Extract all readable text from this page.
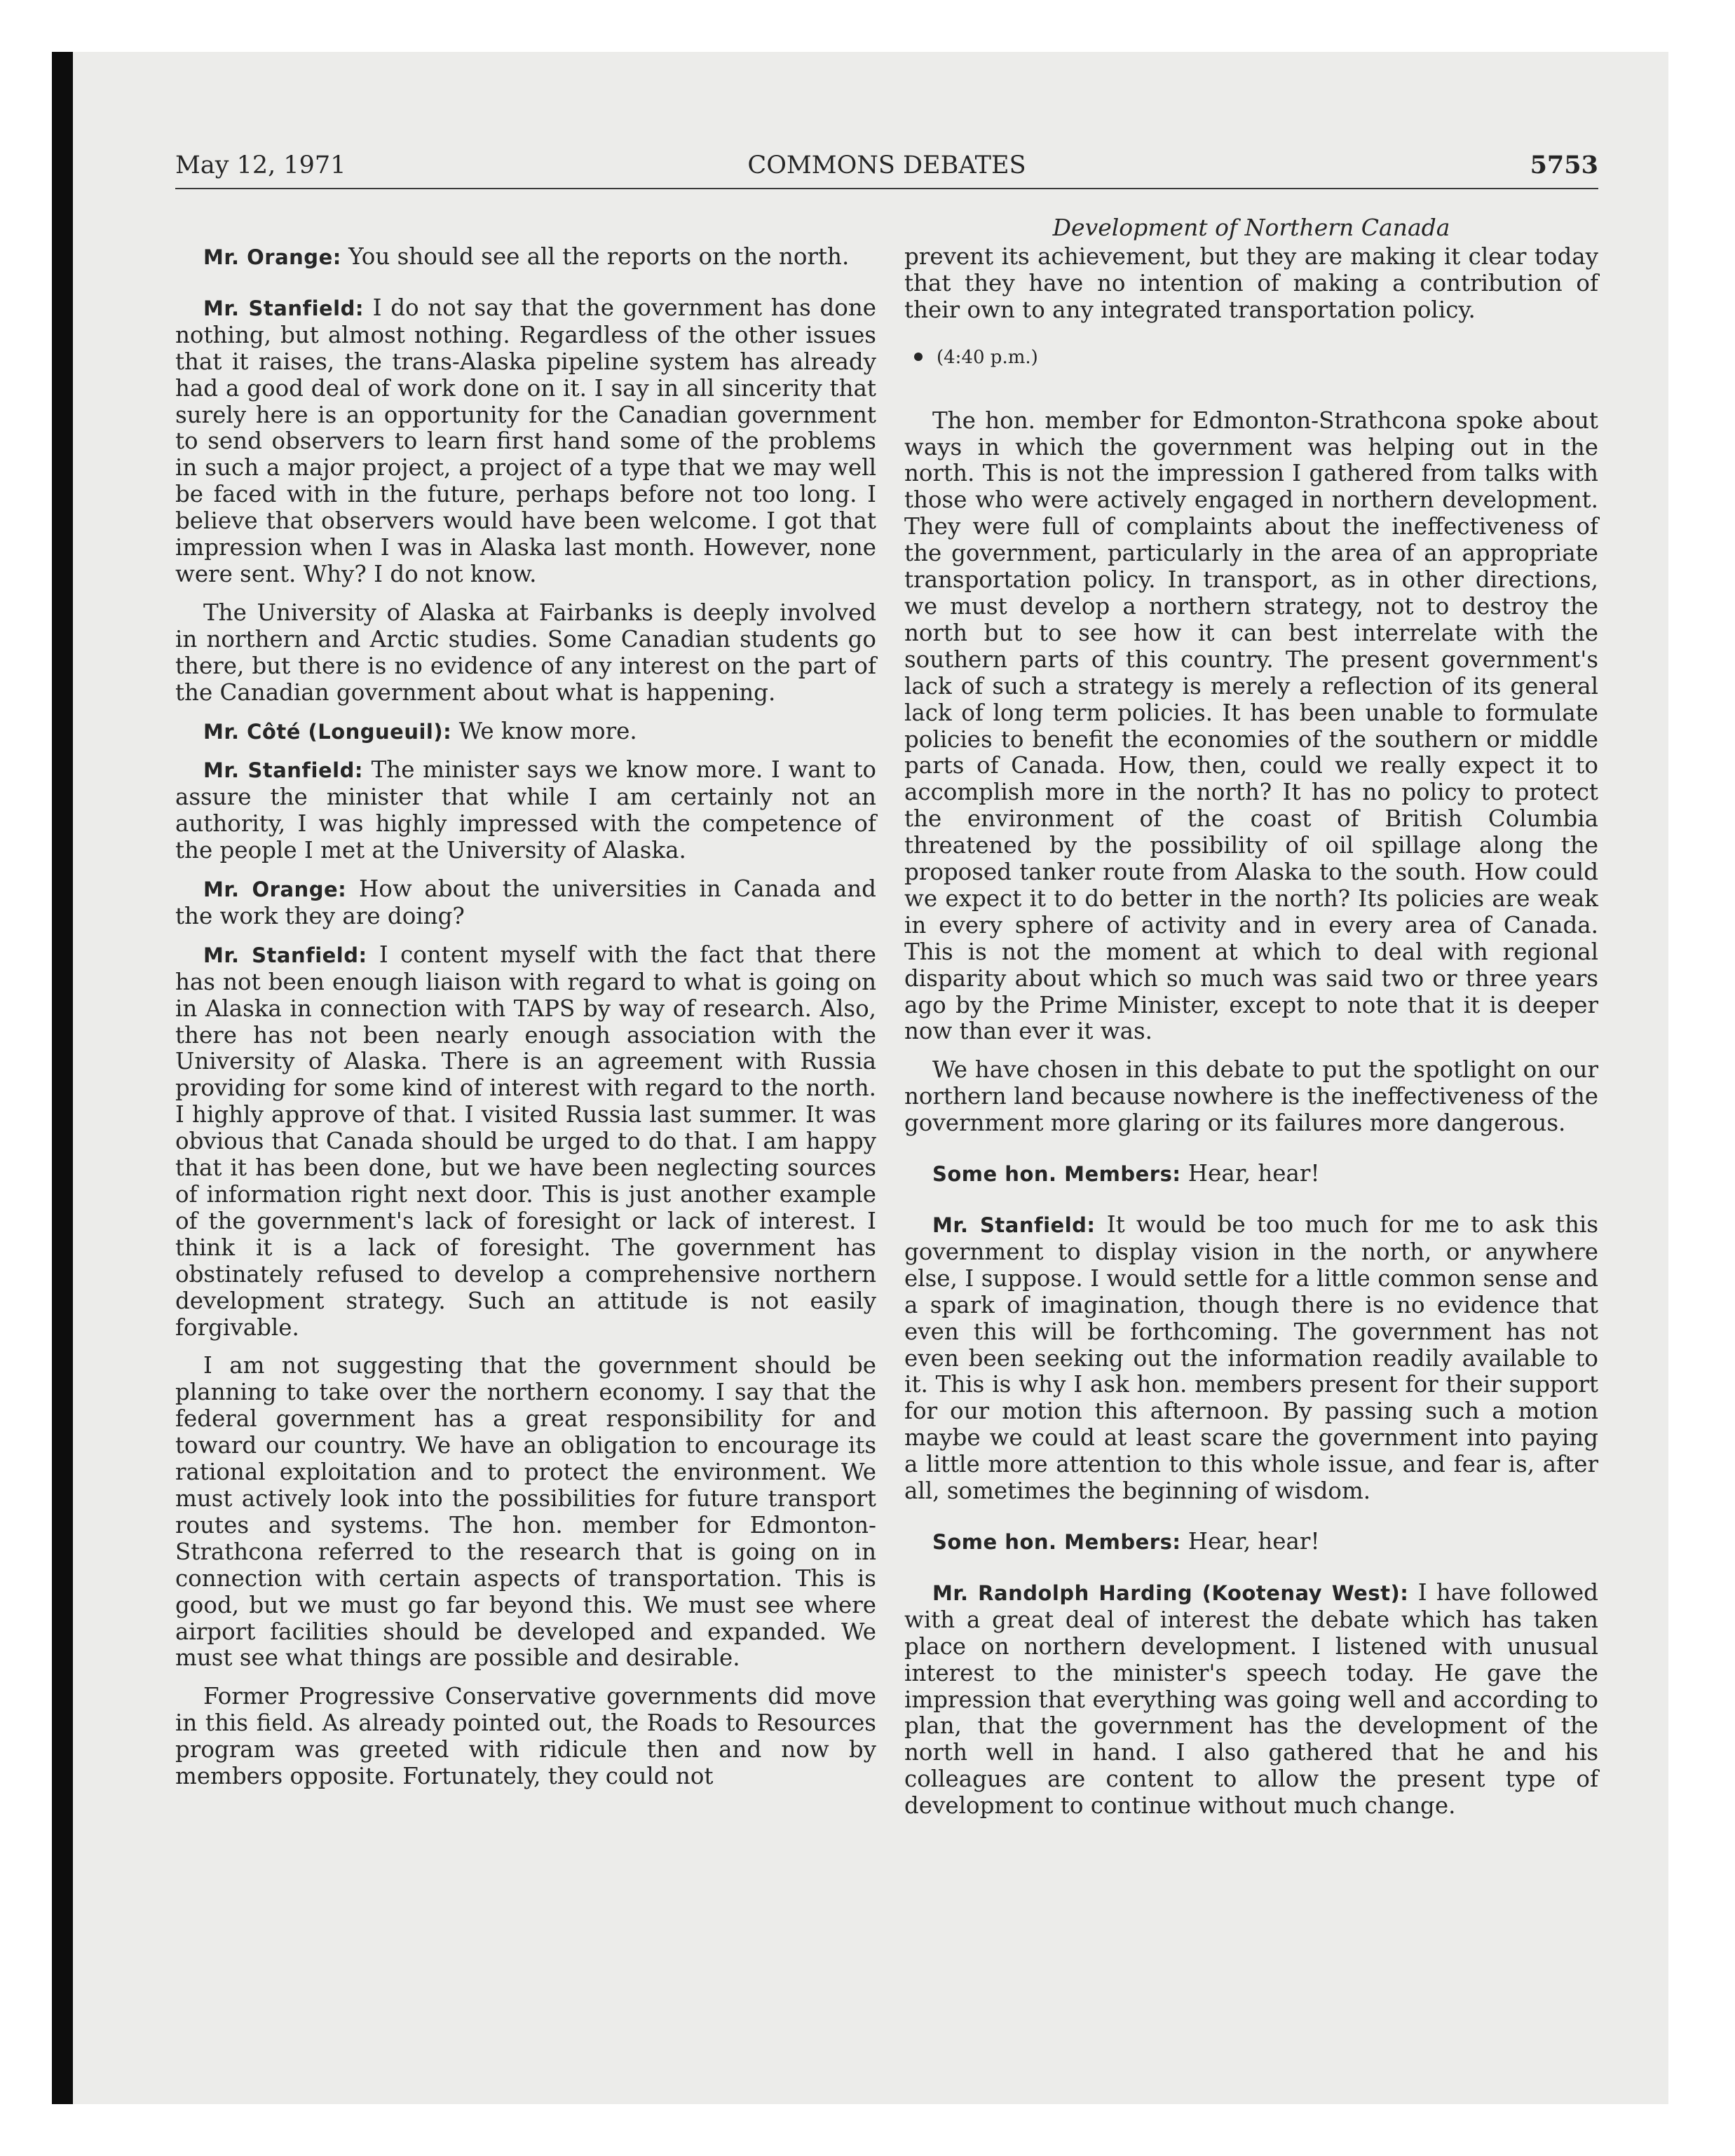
May 12, 1971	COMMONS DEBATES	5753
Development of Northern Canada

Mr. Orange: You should see all the reports on the north.

Mr. Stanfield: I do not say that the government has done nothing, but almost nothing. Regardless of the other issues that it raises, the trans-Alaska pipeline system has already had a good deal of work done on it. I say in all sincerity that surely here is an opportunity for the Canadian government to send observers to learn first hand some of the problems in such a major project, a project of a type that we may well be faced with in the future, perhaps before not too long. I believe that observers would have been welcome. I got that impression when I was in Alaska last month. However, none were sent. Why? I do not know.

The University of Alaska at Fairbanks is deeply involved in northern and Arctic studies. Some Canadian students go there, but there is no evidence of any interest on the part of the Canadian government about what is happening.

Mr. Côté (Longueuil): We know more.

Mr. Stanfield: The minister says we know more. I want to assure the minister that while I am certainly not an authority, I was highly impressed with the competence of the people I met at the University of Alaska.

Mr. Orange: How about the universities in Canada and the work they are doing?

Mr. Stanfield: I content myself with the fact that there has not been enough liaison with regard to what is going on in Alaska in connection with TAPS by way of research. Also, there has not been nearly enough association with the University of Alaska. There is an agreement with Russia providing for some kind of interest with regard to the north. I highly approve of that. I visited Russia last summer. It was obvious that Canada should be urged to do that. I am happy that it has been done, but we have been neglecting sources of information right next door. This is just another example of the government's lack of foresight or lack of interest. I think it is a lack of foresight. The government has obstinately refused to develop a comprehensive northern development strategy. Such an attitude is not easily forgivable.

I am not suggesting that the government should be planning to take over the northern economy. I say that the federal government has a great responsibility for and toward our country. We have an obligation to encourage its rational exploitation and to protect the environment. We must actively look into the possibilities for future transport routes and systems. The hon. member for Edmonton-Strathcona referred to the research that is going on in connection with certain aspects of transportation. This is good, but we must go far beyond this. We must see where airport facilities should be developed and expanded. We must see what things are possible and desirable.

Former Progressive Conservative governments did move in this field. As already pointed out, the Roads to Resources program was greeted with ridicule then and now by members opposite. Fortunately, they could not

prevent its achievement, but they are making it clear today that they have no intention of making a contribution of their own to any integrated transportation policy.

(4:40 p.m.)

The hon. member for Edmonton-Strathcona spoke about ways in which the government was helping out in the north. This is not the impression I gathered from talks with those who were actively engaged in northern development. They were full of complaints about the ineffectiveness of the government, particularly in the area of an appropriate transportation policy. In transport, as in other directions, we must develop a northern strategy, not to destroy the north but to see how it can best interrelate with the southern parts of this country. The present government's lack of such a strategy is merely a reflection of its general lack of long term policies. It has been unable to formulate policies to benefit the economies of the southern or middle parts of Canada. How, then, could we really expect it to accomplish more in the north? It has no policy to protect the environment of the coast of British Columbia threatened by the possibility of oil spillage along the proposed tanker route from Alaska to the south. How could we expect it to do better in the north? Its policies are weak in every sphere of activity and in every area of Canada. This is not the moment at which to deal with regional disparity about which so much was said two or three years ago by the Prime Minister, except to note that it is deeper now than ever it was.

We have chosen in this debate to put the spotlight on our northern land because nowhere is the ineffectiveness of the government more glaring or its failures more dangerous.

Some hon. Members: Hear, hear!

Mr. Stanfield: It would be too much for me to ask this government to display vision in the north, or anywhere else, I suppose. I would settle for a little common sense and a spark of imagination, though there is no evidence that even this will be forthcoming. The government has not even been seeking out the information readily available to it. This is why I ask hon. members present for their support for our motion this afternoon. By passing such a motion maybe we could at least scare the government into paying a little more attention to this whole issue, and fear is, after all, sometimes the beginning of wisdom.

Some hon. Members: Hear, hear!

Mr. Randolph Harding (Kootenay West): I have followed with a great deal of interest the debate which has taken place on northern development. I listened with unusual interest to the minister's speech today. He gave the impression that everything was going well and according to plan, that the government has the development of the north well in hand. I also gathered that he and his colleagues are content to allow the present type of development to continue without much change.
